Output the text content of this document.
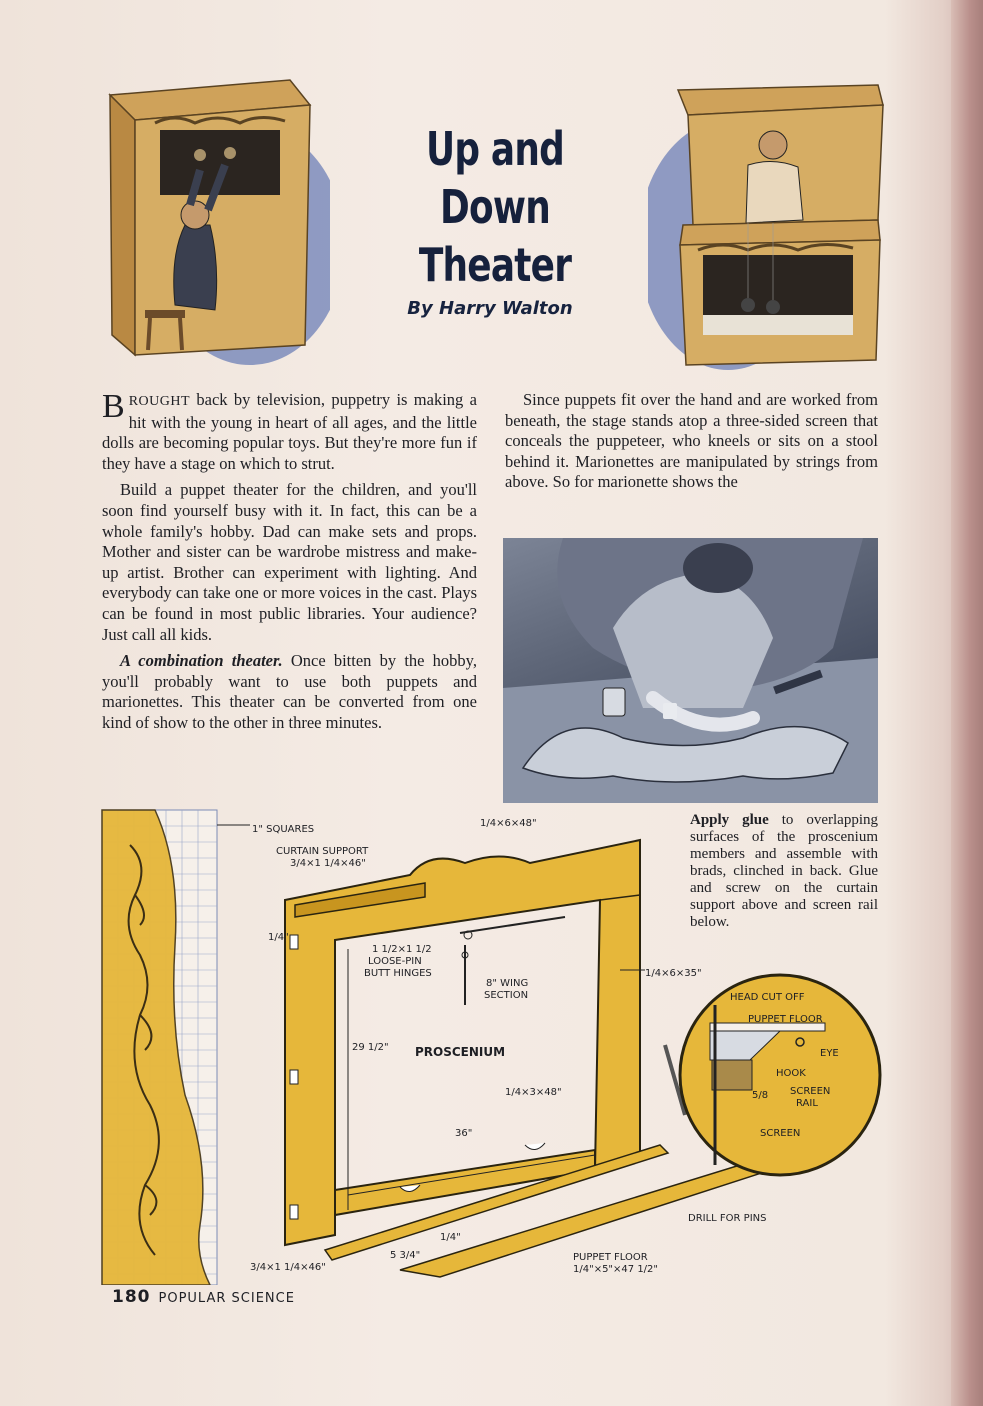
Up and Down
Theater
By Harry Walton

BROUGHT back by television, puppetry is making a hit with the young in heart of all ages, and the little dolls are becoming popular toys. But they're more fun if they have a stage on which to strut.

Build a puppet theater for the children, and you'll soon find yourself busy with it. In fact, this can be a whole family's hobby. Dad can make sets and props. Mother and sister can be wardrobe mistress and make-up artist. Brother can experiment with lighting. And everybody can take one or more voices in the cast. Plays can be found in most public libraries. Your audience? Just call all kids.

A combination theater. Once bitten by the hobby, you'll probably want to use both puppets and marionettes. This theater can be converted from one kind of show to the other in three minutes.

Since puppets fit over the hand and are worked from beneath, the stage stands atop a three-sided screen that conceals the puppeteer, who kneels or sits on a stool behind it. Marionettes are manipulated by strings from above. So for marionette shows the

Apply glue to overlapping surfaces of the proscenium members and assemble with brads, clinched in back. Glue and screw on the curtain support above and screen rail below.
1" SQUARES
CURTAIN SUPPORT
3/4×1 1/4×46"
1/4×6×48"
1/4"
1 1/2×1 1/2
LOOSE-PIN
BUTT HINGES
8" WING
SECTION
1/4×6×35"
29 1/2" PROSCENIUM
1/4×3×48"
36"
3/4×1 1/4×46"
5 3/4"
1/4"
DRILL FOR PINS
PUPPET FLOOR
1/4"×5"×47 1/2"
HEAD CUT OFF
PUPPET FLOOR
EYE
HOOK
SCREEN
RAIL
5/8
SCREEN
180 POPULAR SCIENCE
